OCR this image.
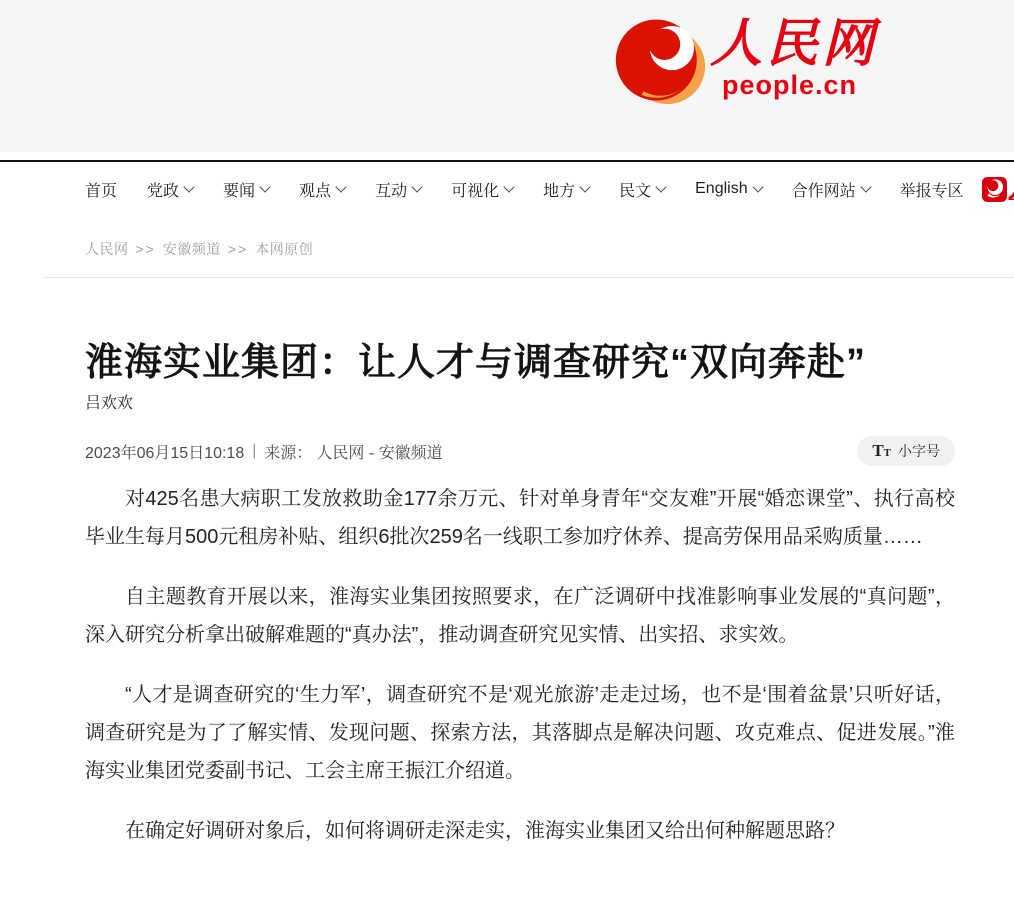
人民网
people.cn
首页 党政	要闻	观点	互动	可视化	地方	民文	English	合作网站	举报专区
人民网 >> 安徽频道 >> 本网原创
淮海实业集团：让人才与调查研究“双向奔赴”
吕欢欢
2023年06月15日10:18 | 来源： 人民网 - 安徽频道	TT 小字号

对425名患大病职工发放救助金177余万元、针对单身青年“交友难”开展“婚恋课堂”、执行高校毕业生每月500元租房补贴、组织6批次259名一线职工参加疗休养、提高劳保用品采购质量……

自主题教育开展以来，淮海实业集团按照要求，在广泛调研中找准影响事业发展的“真问题”，深入研究分析拿出破解难题的“真办法”，推动调查研究见实情、出实招、求实效。

“人才是调查研究的‘生力军’，调查研究不是‘观光旅游’走走过场，也不是‘围着盆景’只听好话，调查研究是为了了解实情、发现问题、探索方法，其落脚点是解决问题、攻克难点、促进发展。”淮海实业集团党委副书记、工会主席王振江介绍道。

在确定好调研对象后，如何将调研走深走实，淮海实业集团又给出何种解题思路？
